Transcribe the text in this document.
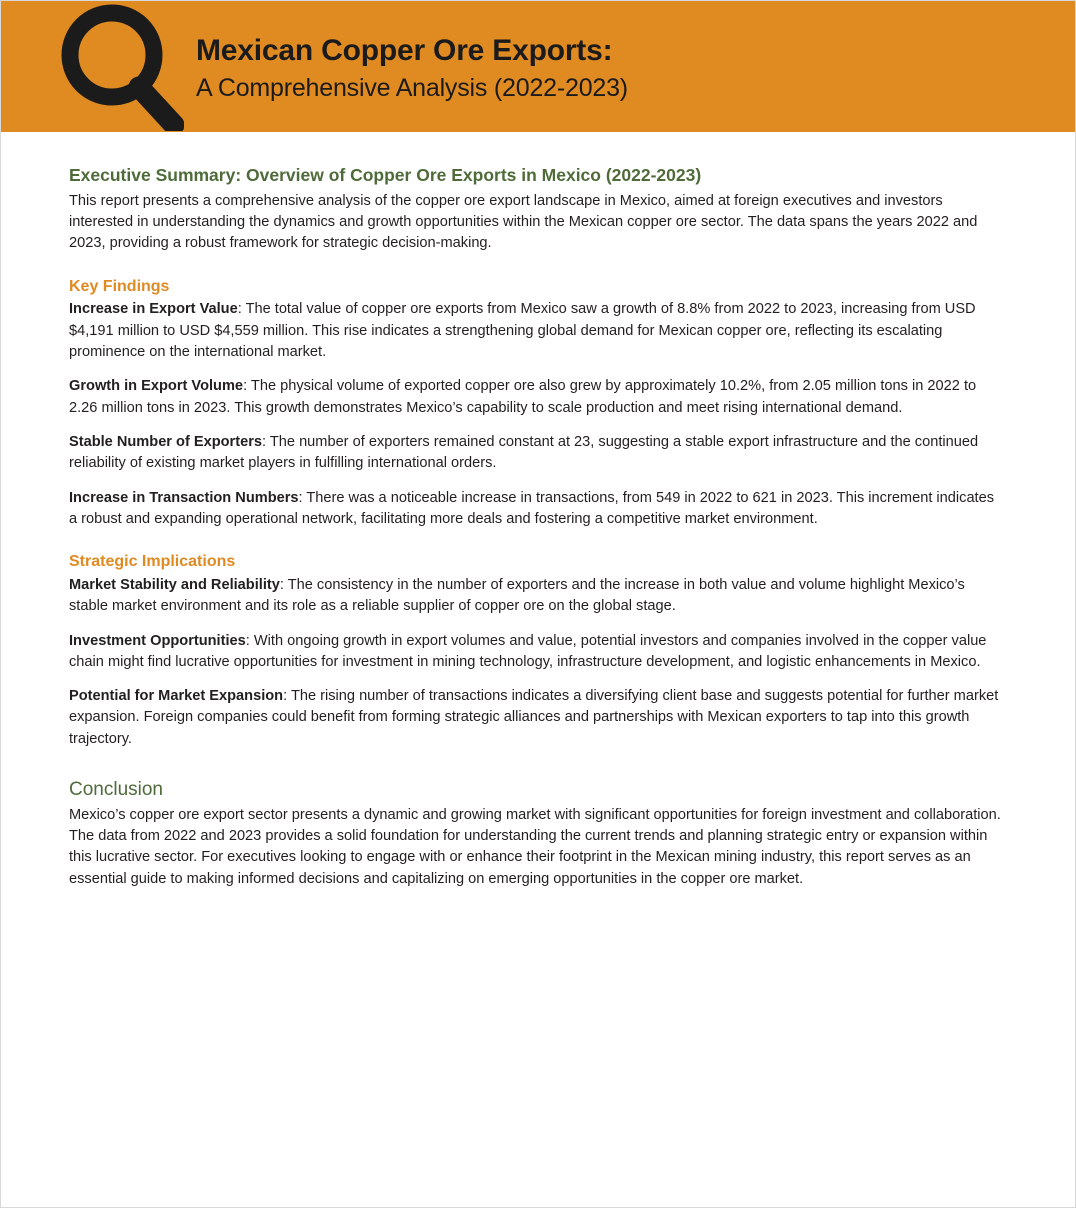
Mexican Copper Ore Exports:
A Comprehensive Analysis (2022-2023)
Executive Summary: Overview of Copper Ore Exports in Mexico (2022-2023)

This report presents a comprehensive analysis of the copper ore export landscape in Mexico, aimed at foreign executives and investors interested in understanding the dynamics and growth opportunities within the Mexican copper ore sector. The data spans the years 2022 and 2023, providing a robust framework for strategic decision-making.

Key Findings

Increase in Export Value: The total value of copper ore exports from Mexico saw a growth of 8.8% from 2022 to 2023, increasing from USD $4,191 million to USD $4,559 million. This rise indicates a strengthening global demand for Mexican copper ore, reflecting its escalating prominence on the international market.

Growth in Export Volume: The physical volume of exported copper ore also grew by approximately 10.2%, from 2.05 million tons in 2022 to 2.26 million tons in 2023. This growth demonstrates Mexico’s capability to scale production and meet rising international demand.

Stable Number of Exporters: The number of exporters remained constant at 23, suggesting a stable export infrastructure and the continued reliability of existing market players in fulfilling international orders.

Increase in Transaction Numbers: There was a noticeable increase in transactions, from 549 in 2022 to 621 in 2023. This increment indicates a robust and expanding operational network, facilitating more deals and fostering a competitive market environment.

Strategic Implications

Market Stability and Reliability: The consistency in the number of exporters and the increase in both value and volume highlight Mexico’s stable market environment and its role as a reliable supplier of copper ore on the global stage.

Investment Opportunities: With ongoing growth in export volumes and value, potential investors and companies involved in the copper value chain might find lucrative opportunities for investment in mining technology, infrastructure development, and logistic enhancements in Mexico.

Potential for Market Expansion: The rising number of transactions indicates a diversifying client base and suggests potential for further market expansion. Foreign companies could benefit from forming strategic alliances and partnerships with Mexican exporters to tap into this growth trajectory.

Conclusion

Mexico’s copper ore export sector presents a dynamic and growing market with significant opportunities for foreign investment and collaboration. The data from 2022 and 2023 provides a solid foundation for understanding the current trends and planning strategic entry or expansion within this lucrative sector. For executives looking to engage with or enhance their footprint in the Mexican mining industry, this report serves as an essential guide to making informed decisions and capitalizing on emerging opportunities in the copper ore market.
